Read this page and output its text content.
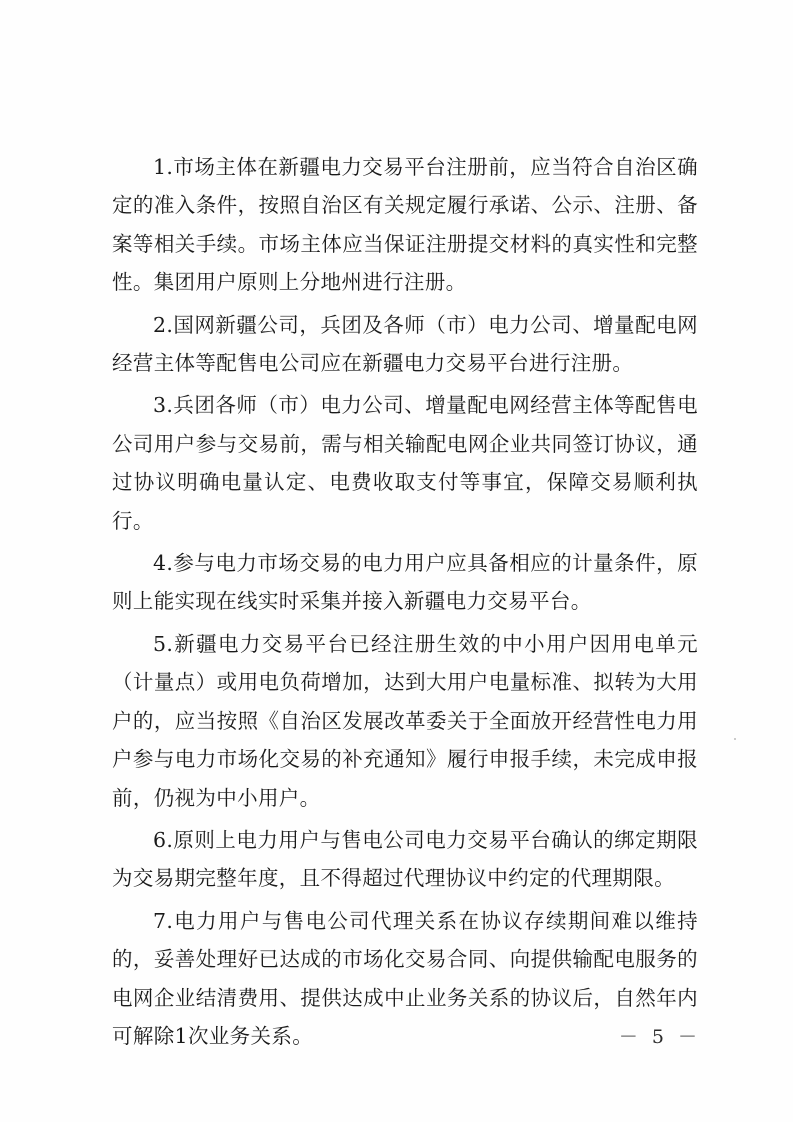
1.市场主体在新疆电力交易平台注册前，应当符合自治区确定的准入条件，按照自治区有关规定履行承诺、公示、注册、备案等相关手续。市场主体应当保证注册提交材料的真实性和完整性。集团用户原则上分地州进行注册。

2.国网新疆公司，兵团及各师（市）电力公司、增量配电网经营主体等配售电公司应在新疆电力交易平台进行注册。

3.兵团各师（市）电力公司、增量配电网经营主体等配售电公司用户参与交易前，需与相关输配电网企业共同签订协议，通过协议明确电量认定、电费收取支付等事宜，保障交易顺利执行。

4.参与电力市场交易的电力用户应具备相应的计量条件，原则上能实现在线实时采集并接入新疆电力交易平台。

5.新疆电力交易平台已经注册生效的中小用户因用电单元（计量点）或用电负荷增加，达到大用户电量标准、拟转为大用户的，应当按照《自治区发展改革委关于全面放开经营性电力用户参与电力市场化交易的补充通知》履行申报手续，未完成申报前，仍视为中小用户。

6.原则上电力用户与售电公司电力交易平台确认的绑定期限为交易期完整年度，且不得超过代理协议中约定的代理期限。

7.电力用户与售电公司代理关系在协议存续期间难以维持的，妥善处理好已达成的市场化交易合同、向提供输配电服务的电网企业结清费用、提供达成中止业务关系的协议后，自然年内可解除1次业务关系。	－ 5 －
